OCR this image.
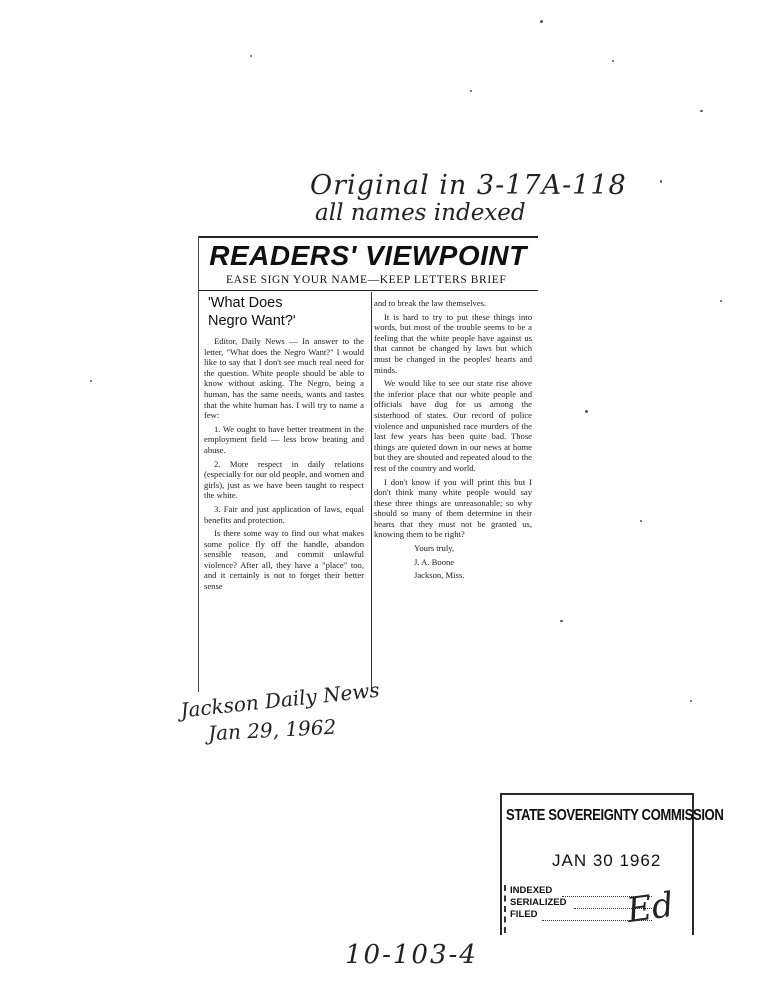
Original in 3-17A-118
all names indexed
READERS' VIEWPOINT
EASE SIGN YOUR NAME—KEEP LETTERS BRIEF
'What Does
Negro Want?'

Editor, Daily News — In answer to the letter, "What does the Negro Want?" I would like to say that I don't see much real need for the question. White people should be able to know without asking. The Negro, being a human, has the same needs, wants and tastes that the white human has. I will try to name a few:

1. We ought to have better treatment in the employment field — less brow beating and abuse.

2. More respect in daily relations (especially for our old people, and women and girls), just as we have been taught to respect the white.

3. Fair and just application of laws, equal benefits and protection.

Is there some way to find out what makes some police fly off the handle, abandon sensible reason, and commit unlawful violence? After all, they have a "place" too, and it certainly is not to forget their better sense

and to break the law themselves.

It is hard to try to put these things into words, but most of the trouble seems to be a feeling that the white people have against us that cannot be changed by laws but which must be changed in the peoples' hearts and minds.

We would like to see our state rise above the inferior place that our white people and officials have dug for us among the sisterhood of states. Our record of police violence and unpunished race murders of the last few years has been quite bad. Those things are quieted down in our news at home but they are shouted and repeated aloud to the rest of the country and world.

I don't know if you will print this but I don't think many white people would say these three things are unreasonable; so why should so many of them determine in their hearts that they must not be granted us, knowing them to be right?

Yours truly,

J. A. Boone

Jackson, Miss.

Jackson Daily News
Jan 29, 1962
STATE SOVEREIGNTY COMMISSION
JAN 30 1962
INDEXED
SERIALIZED
FILED	Ed
10-103-4
